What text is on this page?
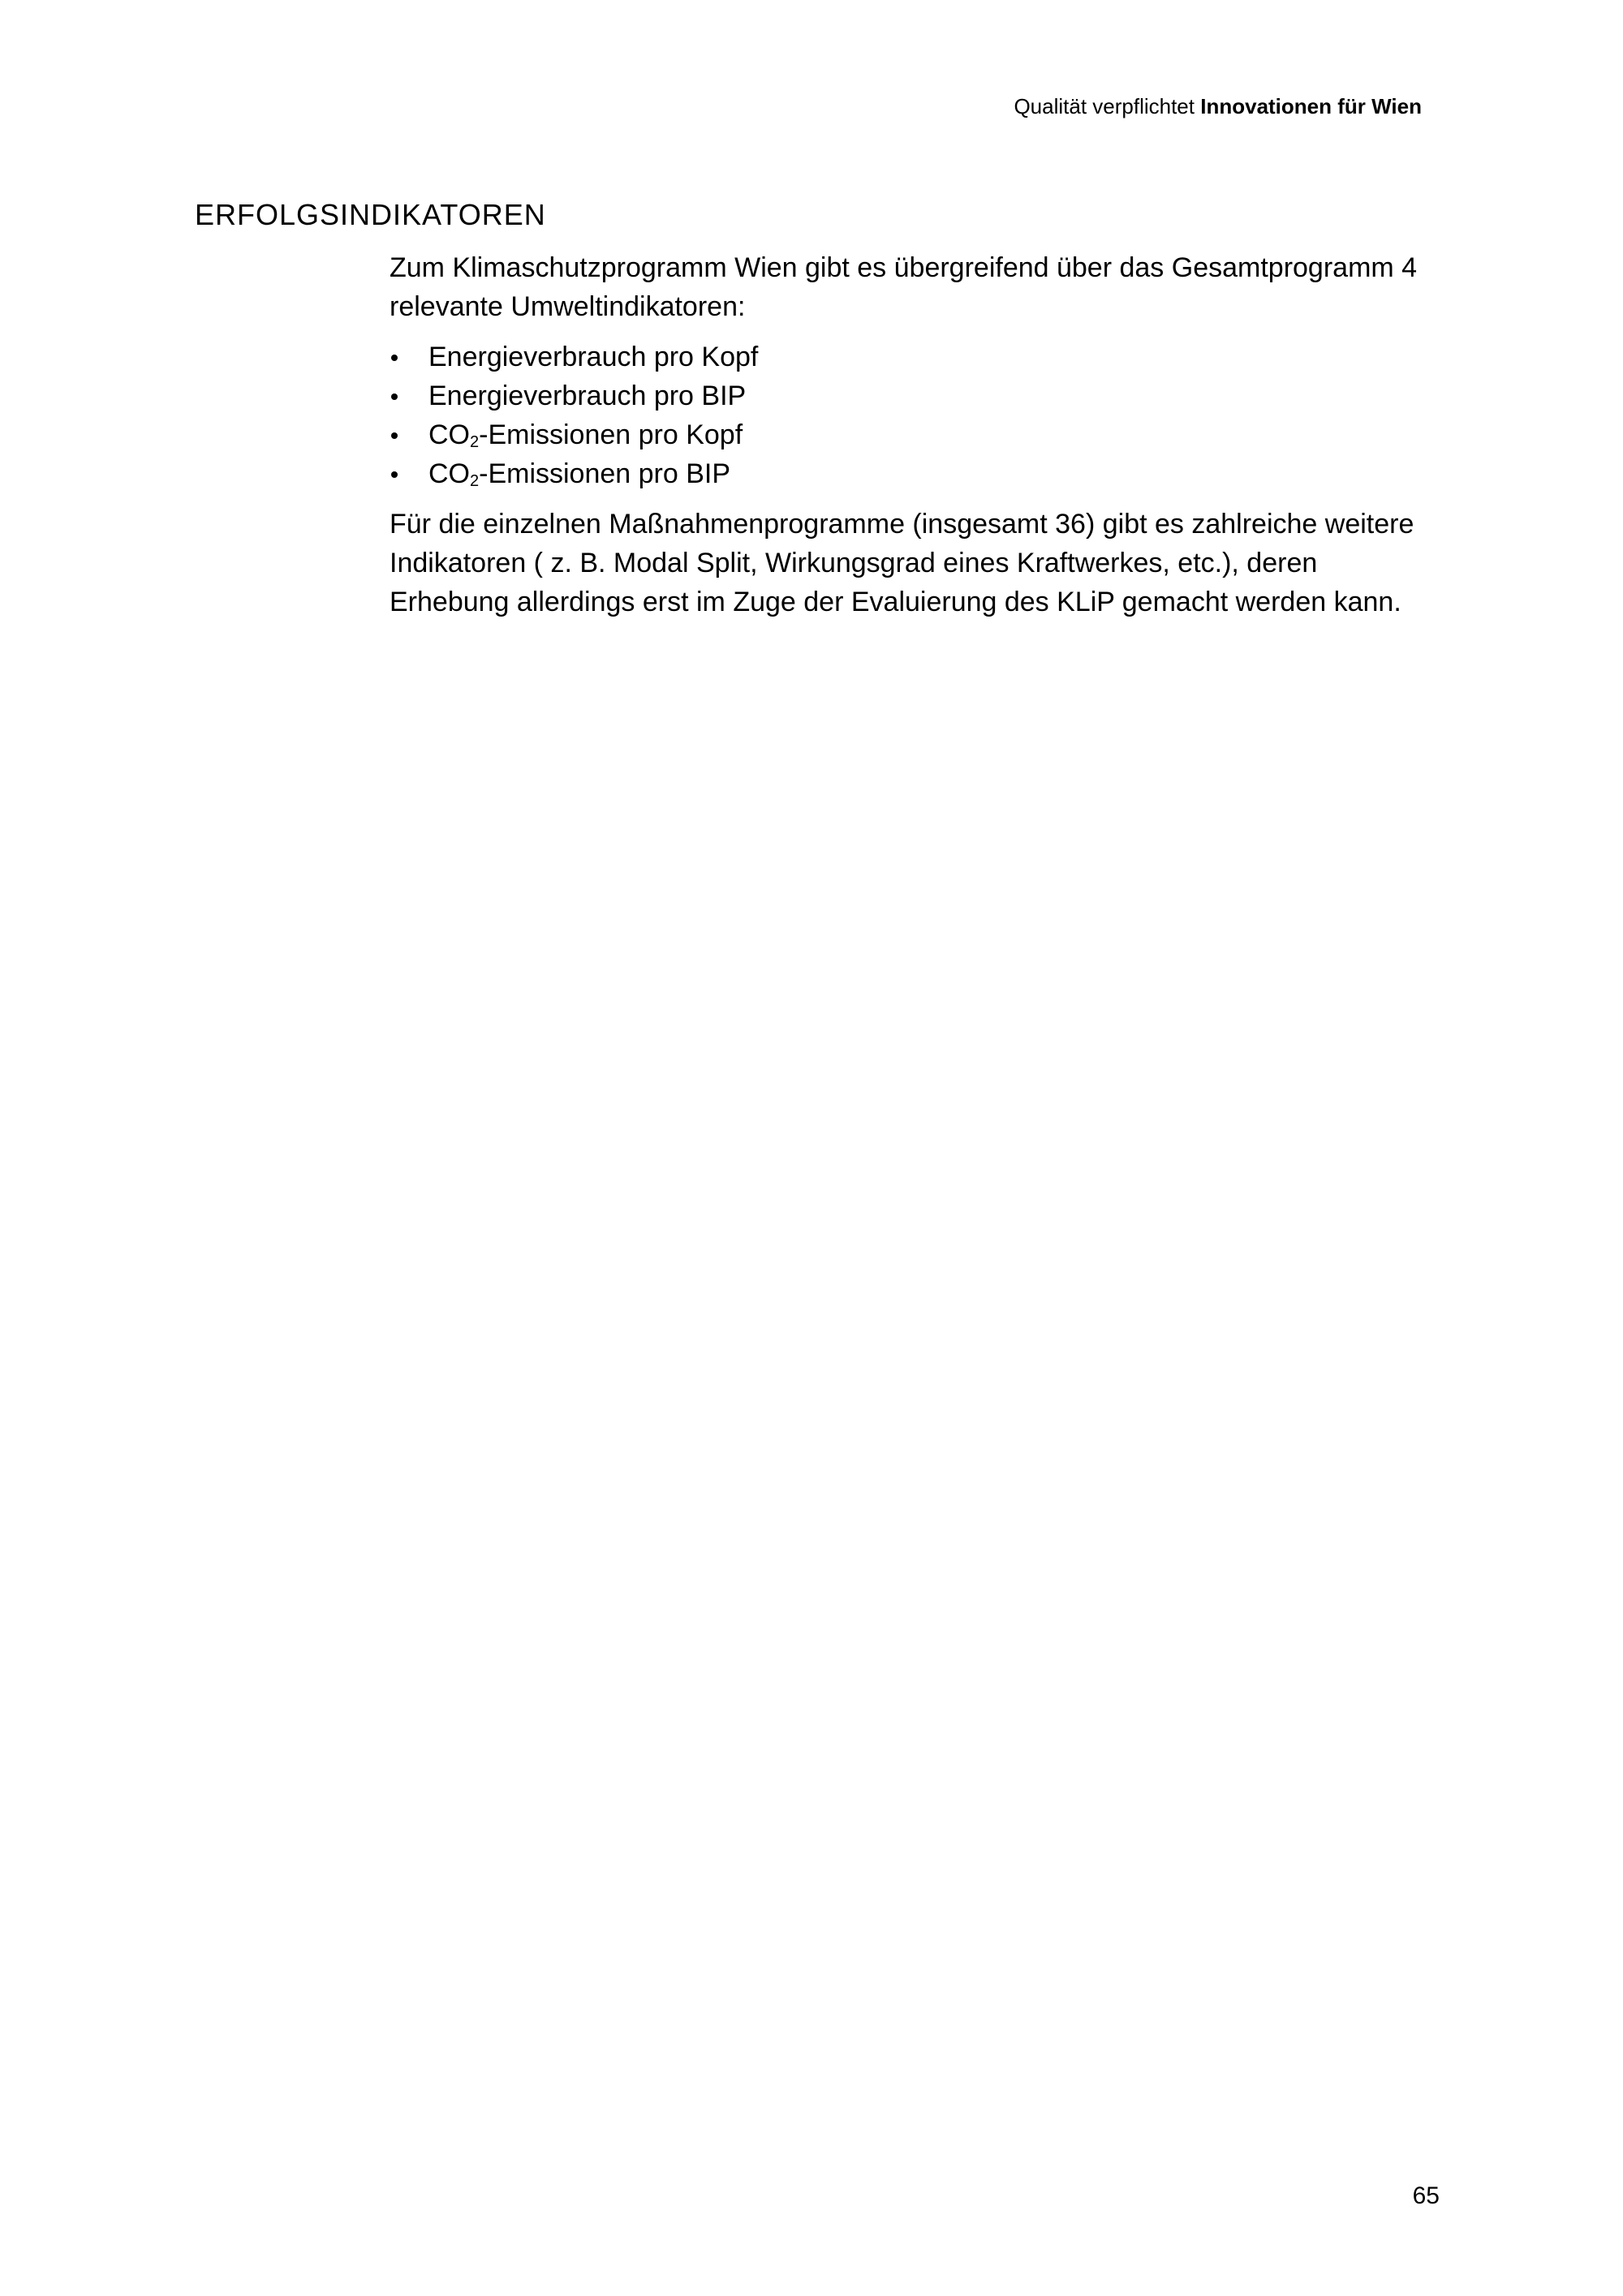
Qualität verpflichtet Innovationen für Wien
ERFOLGSINDIKATOREN

Zum Klimaschutzprogramm Wien gibt es übergreifend über das Gesamtprogramm 4 relevante Umweltindikatoren:

Energieverbrauch pro Kopf
Energieverbrauch pro BIP
$CO_2$-Emissionen pro Kopf
$CO_2$-Emissionen pro BIP

Für die einzelnen Maßnahmenprogramme (insgesamt 36) gibt es zahlreiche weitere Indikatoren ( z. B. Modal Split, Wirkungsgrad eines Kraftwerkes, etc.), deren Erhebung allerdings erst im Zuge der Evaluierung des KLiP gemacht werden kann.

65
